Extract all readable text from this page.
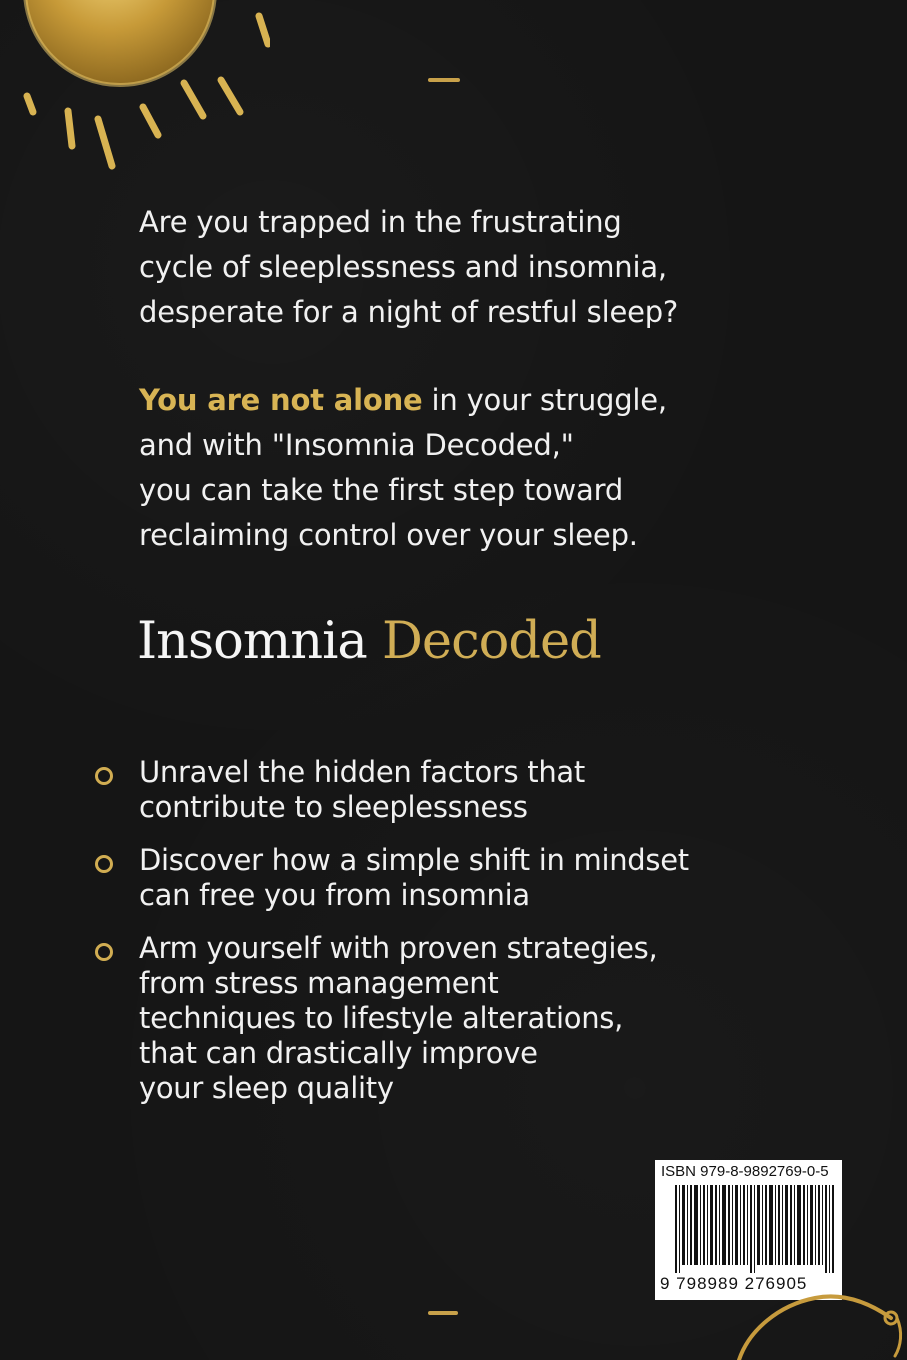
Are you trapped in the frustrating
cycle of sleeplessness and insomnia,
desperate for a night of restful sleep?
You are not alone in your struggle,
and with "Insomnia Decoded,"
you can take the first step toward
reclaiming control over your sleep.
Insomnia Decoded
Unravel the hidden factors that
contribute to sleeplessness
Discover how a simple shift in mindset
can free you from insomnia
Arm yourself with proven strategies,
from stress management
techniques to lifestyle alterations,
that can drastically improve
your sleep quality
ISBN 979-8-9892769-0-5
9 798989 276905
